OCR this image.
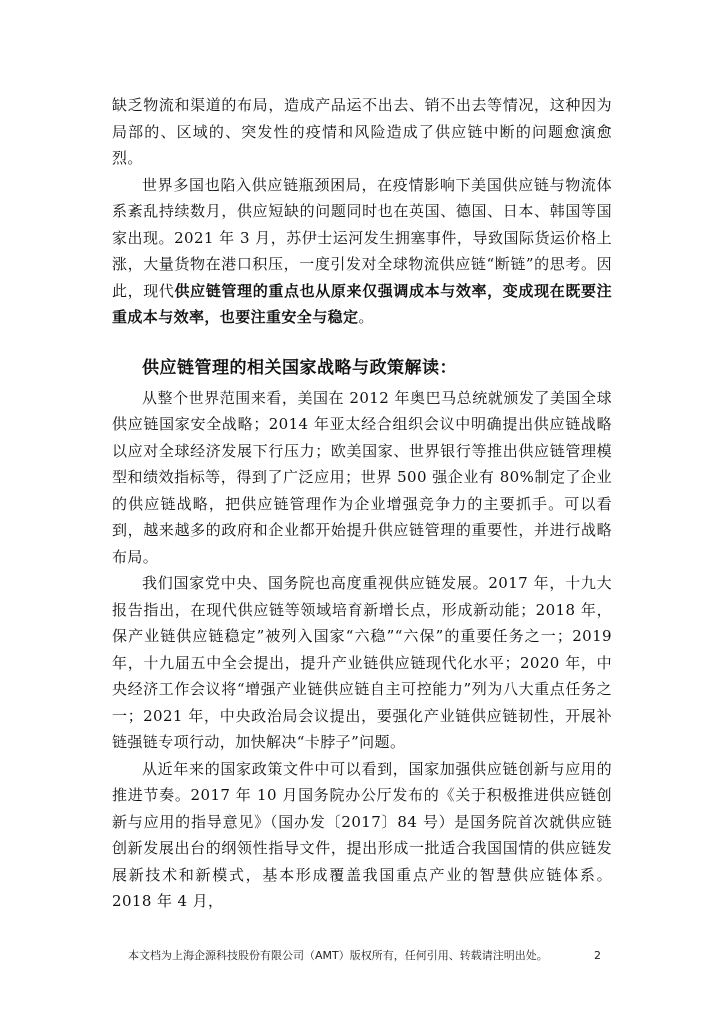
缺乏物流和渠道的布局，造成产品运不出去、销不出去等情况，这种因为局部的、区域的、突发性的疫情和风险造成了供应链中断的问题愈演愈烈。

世界多国也陷入供应链瓶颈困局，在疫情影响下美国供应链与物流体系紊乱持续数月，供应短缺的问题同时也在英国、德国、日本、韩国等国家出现。2021 年 3 月，苏伊士运河发生拥塞事件，导致国际货运价格上涨，大量货物在港口积压，一度引发对全球物流供应链“断链”的思考。因此，现代供应链管理的重点也从原来仅强调成本与效率，变成现在既要注重成本与效率，也要注重安全与稳定。

供应链管理的相关国家战略与政策解读：

从整个世界范围来看，美国在 2012 年奥巴马总统就颁发了美国全球供应链国家安全战略；2014 年亚太经合组织会议中明确提出供应链战略以应对全球经济发展下行压力；欧美国家、世界银行等推出供应链管理模型和绩效指标等，得到了广泛应用；世界 500 强企业有 80%制定了企业的供应链战略，把供应链管理作为企业增强竞争力的主要抓手。可以看到，越来越多的政府和企业都开始提升供应链管理的重要性，并进行战略布局。

我们国家党中央、国务院也高度重视供应链发展。2017 年，十九大报告指出，在现代供应链等领域培育新增长点，形成新动能；2018 年，保产业链供应链稳定”被列入国家“六稳”“六保”的重要任务之一；2019 年，十九届五中全会提出，提升产业链供应链现代化水平；2020 年，中央经济工作会议将“增强产业链供应链自主可控能力”列为八大重点任务之一；2021 年，中央政治局会议提出，要强化产业链供应链韧性，开展补链强链专项行动，加快解决“卡脖子”问题。

从近年来的国家政策文件中可以看到，国家加强供应链创新与应用的推进节奏。2017 年 10 月国务院办公厅发布的《关于积极推进供应链创新与应用的指导意见》（国办发〔2017〕84 号）是国务院首次就供应链创新发展出台的纲领性指导文件，提出形成一批适合我国国情的供应链发展新技术和新模式，基本形成覆盖我国重点产业的智慧供应链体系。2018 年 4 月，

本文档为上海企源科技股份有限公司（AMT）版权所有，任何引用、转载请注明出处。	2
